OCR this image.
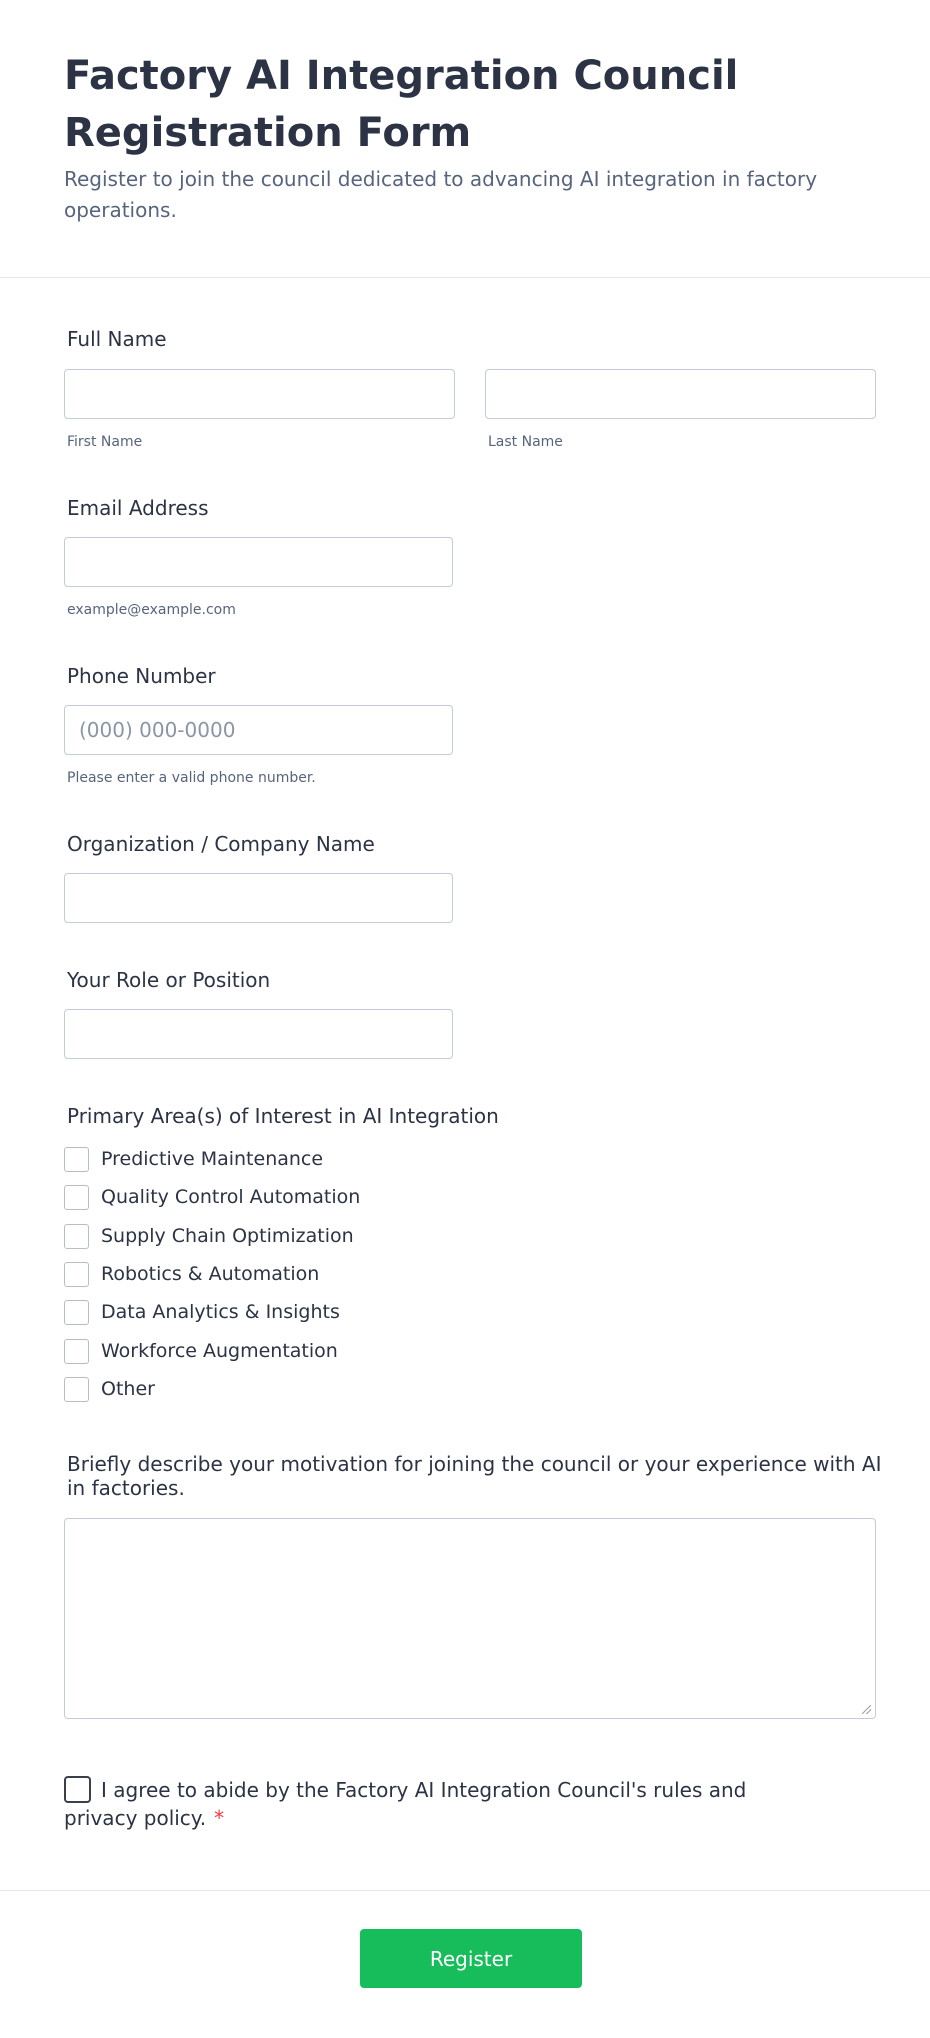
Factory AI Integration Council Registration Form

Register to join the council dedicated to advancing AI integration in factory operations.

Full Name
First Name	Last Name
Email Address
example@example.com
Phone Number
(000) 000-0000
Please enter a valid phone number.
Organization / Company Name
Your Role or Position
Primary Area(s) of Interest in AI Integration
Predictive Maintenance
Quality Control Automation
Supply Chain Optimization
Robotics & Automation
Data Analytics & Insights
Workforce Augmentation
Other
Briefly describe your motivation for joining the council or your experience with AI in factories.
I agree to abide by the Factory AI Integration Council's rules and privacy policy. *
Register
